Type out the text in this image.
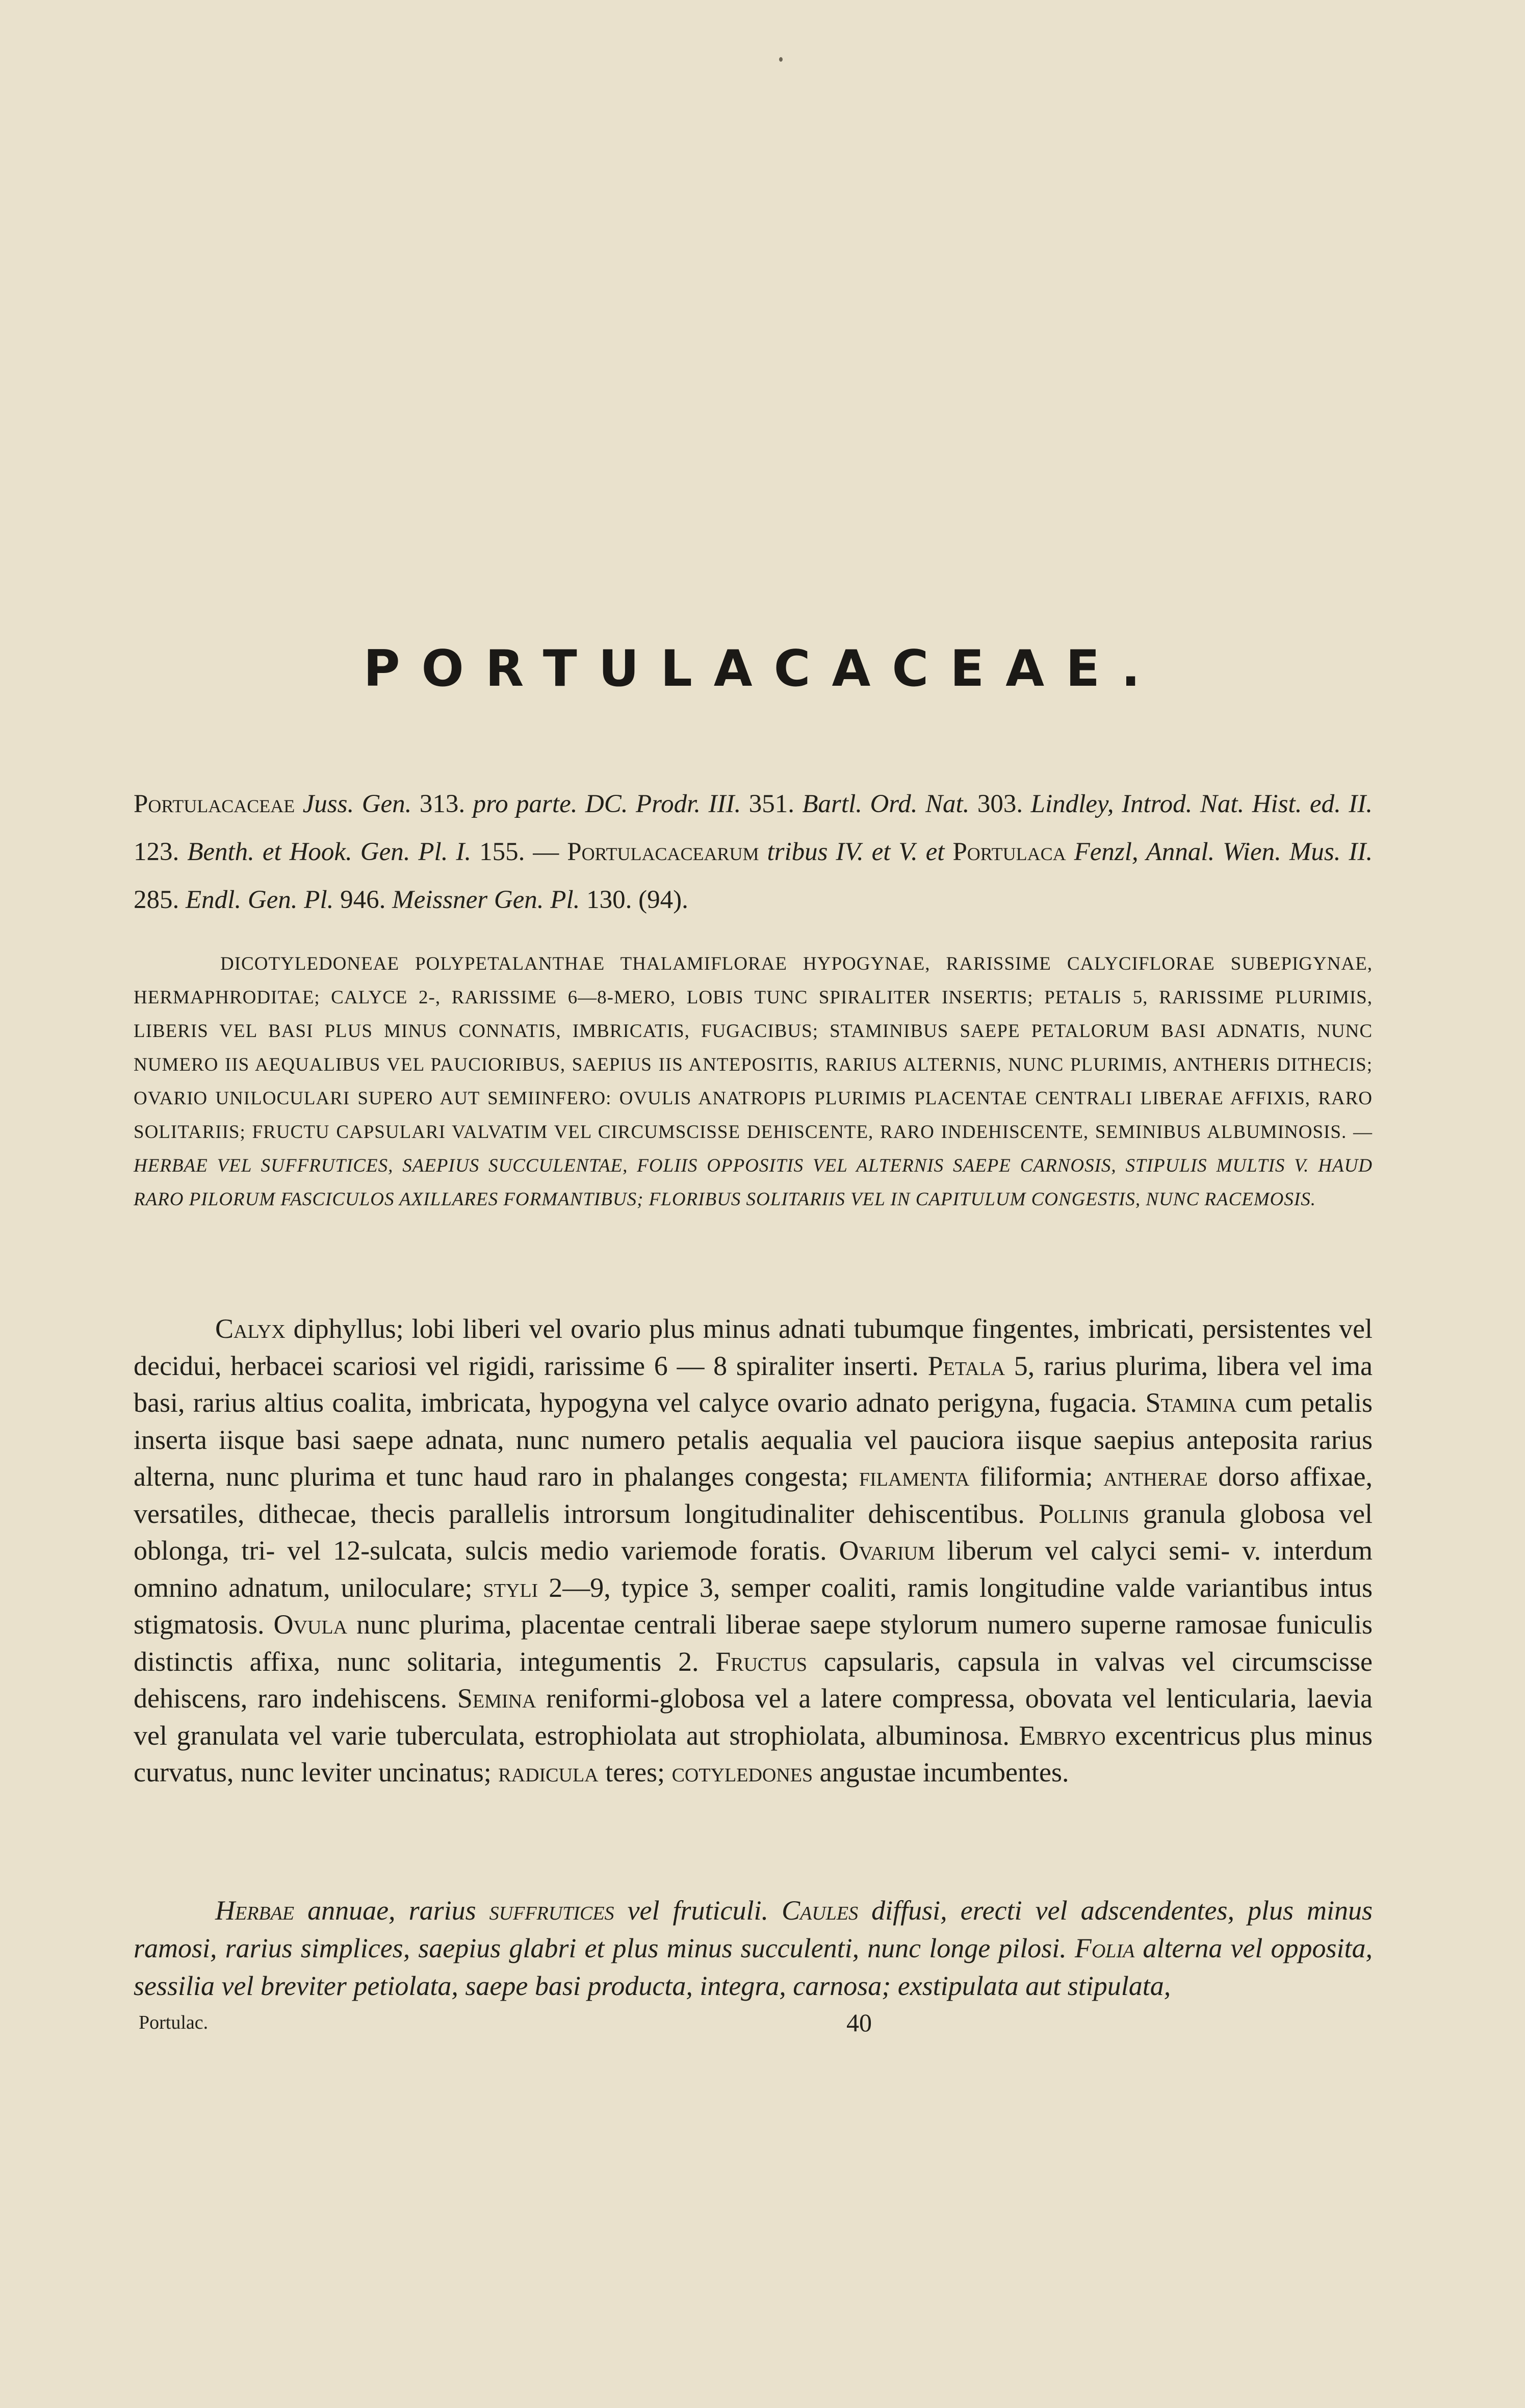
PORTULACACEAE.
Portulacaceae Juss. Gen. 313. pro parte. DC. Prodr. III. 351. Bartl. Ord. Nat. 303. Lindley, Introd. Nat. Hist. ed. II. 123. Benth. et Hook. Gen. Pl. I. 155. — Portulacacearum tribus IV. et V. et Portulaca Fenzl, Annal. Wien. Mus. II. 285. Endl. Gen. Pl. 946. Meissner Gen. Pl. 130. (94).
DICOTYLEDONEAE POLYPETALANTHAE THALAMIFLORAE HYPOGYNAE, RARISSIME CALYCIFLORAE SUBEPIGYNAE, HERMAPHRODITAE; CALYCE 2-, RARISSIME 6—8-MERO, LOBIS TUNC SPIRALITER INSERTIS; PETALIS 5, RARISSIME PLURIMIS, LIBERIS VEL BASI PLUS MINUS CONNATIS, IMBRICATIS, FUGACIBUS; STAMINIBUS SAEPE PETALORUM BASI ADNATIS, NUNC NUMERO IIS AEQUALIBUS VEL PAUCIORIBUS, SAEPIUS IIS ANTEPOSITIS, RARIUS ALTERNIS, NUNC PLURIMIS, ANTHERIS DITHECIS; OVARIO UNILOCULARI SUPERO AUT SEMIINFERO: OVULIS ANATROPIS PLURIMIS PLACENTAE CENTRALI LIBERAE AFFIXIS, RARO SOLITARIIS; FRUCTU CAPSULARI VALVATIM VEL CIRCUMSCISSE DEHISCENTE, RARO INDEHISCENTE, SEMINIBUS ALBUMINOSIS. — HERBAE VEL SUFFRUTICES, SAEPIUS SUCCULENTAE, FOLIIS OPPOSITIS VEL ALTERNIS SAEPE CARNOSIS, STIPULIS MULTIS V. HAUD RARO PILORUM FASCICULOS AXILLARES FORMANTIBUS; FLORIBUS SOLITARIIS VEL IN CAPITULUM CONGESTIS, NUNC RACEMOSIS.
Calyx diphyllus; lobi liberi vel ovario plus minus adnati tubumque fingentes, imbricati, persistentes vel decidui, herbacei scariosi vel rigidi, rarissime 6 — 8 spiraliter inserti. Petala 5, rarius plurima, libera vel ima basi, rarius altius coalita, imbricata, hypogyna vel calyce ovario adnato perigyna, fugacia. Stamina cum petalis inserta iisque basi saepe adnata, nunc numero petalis aequalia vel pauciora iisque saepius anteposita rarius alterna, nunc plurima et tunc haud raro in phalanges congesta; filamenta filiformia; antherae dorso affixae, versatiles, dithecae, thecis parallelis introrsum longitudinaliter dehiscentibus. Pollinis granula globosa vel oblonga, tri- vel 12-sulcata, sulcis medio variemode foratis. Ovarium liberum vel calyci semi- v. interdum omnino adnatum, uniloculare; styli 2—9, typice 3, semper coaliti, ramis longitudine valde variantibus intus stigmatosis. Ovula nunc plurima, placentae centrali liberae saepe stylorum numero superne ramosae funiculis distinctis affixa, nunc solitaria, integumentis 2. Fructus capsularis, capsula in valvas vel circumscisse dehiscens, raro indehiscens. Semina reniformi-globosa vel a latere compressa, obovata vel lenticularia, laevia vel granulata vel varie tuberculata, estrophiolata aut strophiolata, albuminosa. Embryo excentricus plus minus curvatus, nunc leviter uncinatus; radicula teres; cotyledones angustae incumbentes.
Herbae annuae, rarius suffrutices vel fruticuli. Caules diffusi, erecti vel adscendentes, plus minus ramosi, rarius simplices, saepius glabri et plus minus succulenti, nunc longe pilosi. Folia alterna vel opposita, sessilia vel breviter petiolata, saepe basi producta, integra, carnosa; exstipulata aut stipulata,
Portulac.	40
